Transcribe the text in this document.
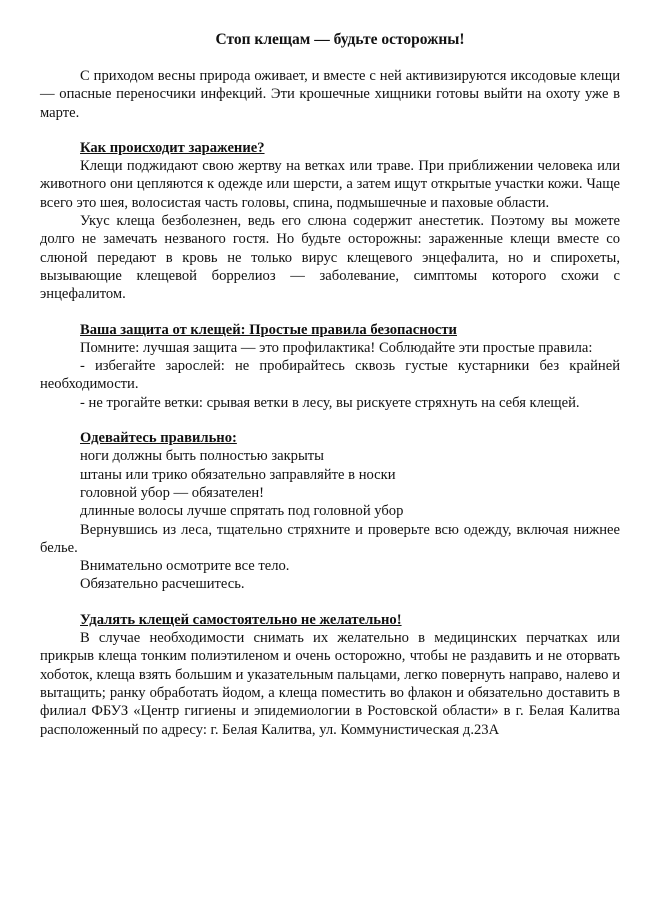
Стоп клещам — будьте осторожны!

С приходом весны природа оживает, и вместе с ней активизируются иксодовые клещи — опасные переносчики инфекций. Эти крошечные хищники готовы выйти на охоту уже в марте.

Как происходит заражение?

Клещи поджидают свою жертву на ветках или траве. При приближении человека или животного они цепляются к одежде или шерсти, а затем ищут открытые участки кожи. Чаще всего это шея, волосистая часть головы, спина, подмышечные и паховые области.

Укус клеща безболезнен, ведь его слюна содержит анестетик. Поэтому вы можете долго не замечать незваного гостя. Но будьте осторожны: зараженные клещи вместе со слюной передают в кровь не только вирус клещевого энцефалита, но и спирохеты, вызывающие клещевой боррелиоз — заболевание, симптомы которого схожи с энцефалитом.

Ваша защита от клещей: Простые правила безопасности

Помните: лучшая защита — это профилактика! Соблюдайте эти простые правила:

- избегайте зарослей: не пробирайтесь сквозь густые кустарники без крайней необходимости.

- не трогайте ветки: срывая ветки в лесу, вы рискуете стряхнуть на себя клещей.

Одевайтесь правильно:

ноги должны быть полностью закрыты

штаны или трико обязательно заправляйте в носки

головной убор — обязателен!

длинные волосы лучше спрятать под головной убор

Вернувшись из леса, тщательно стряхните и проверьте всю одежду, включая нижнее белье.

Внимательно осмотрите все тело.

Обязательно расчешитесь.

Удалять клещей самостоятельно не желательно!

В случае необходимости снимать их желательно в медицинских перчатках или прикрыв клеща тонким полиэтиленом и очень осторожно, чтобы не раздавить и не оторвать хоботок, клеща взять большим и указательным пальцами, легко повернуть направо, налево и вытащить; ранку обработать йодом, а клеща поместить во флакон и обязательно доставить в филиал ФБУЗ «Центр гигиены и эпидемиологии в Ростовской области» в г. Белая Калитва расположенный по адресу: г. Белая Калитва, ул. Коммунистическая д.23А
